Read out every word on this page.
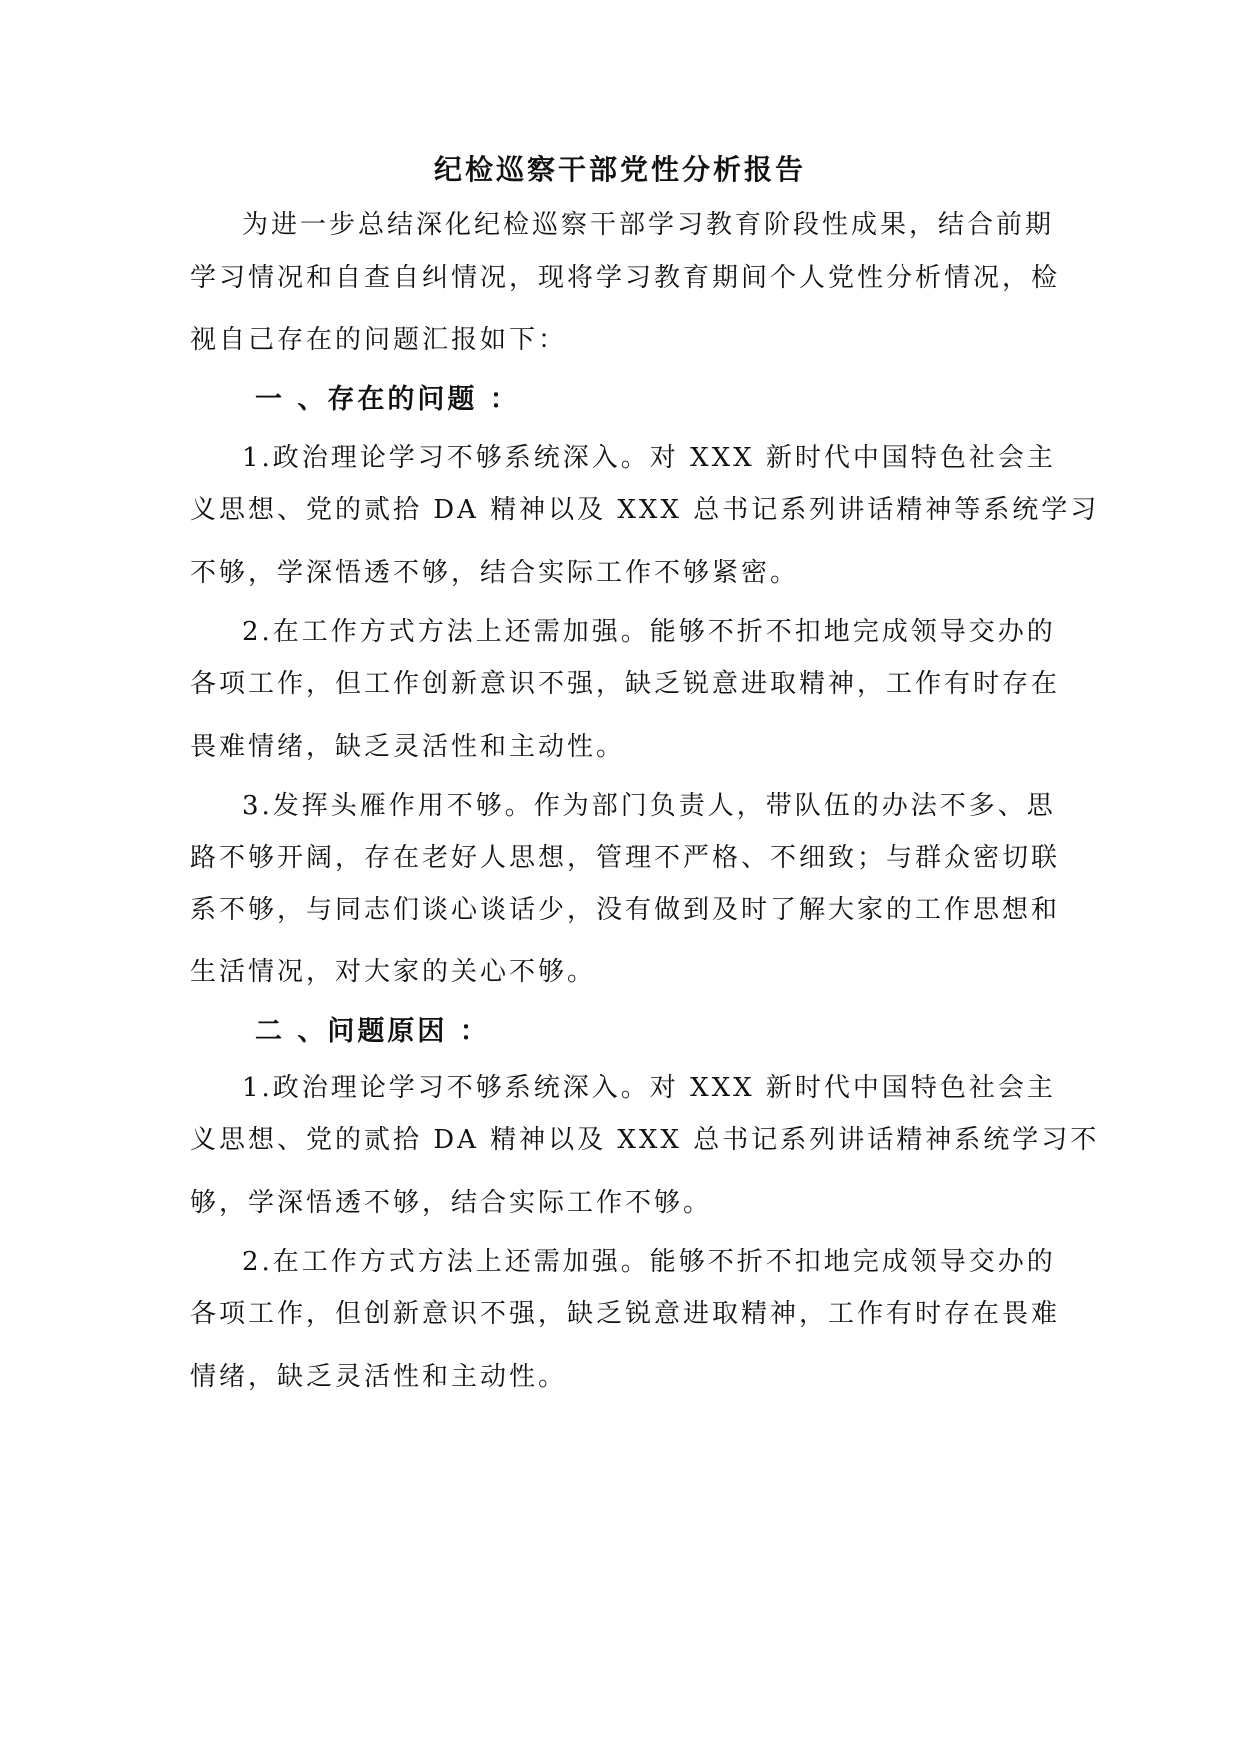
纪检巡察干部党性分析报告
为进一步总结深化纪检巡察干部学习教育阶段性成果，结合前期
学习情况和自查自纠情况，现将学习教育期间个人党性分析情况，检
视自己存在的问题汇报如下：
一 、存在的问题 ：
1.政治理论学习不够系统深入。对 XXX 新时代中国特色社会主
义思想、党的贰拾 DA 精神以及 XXX 总书记系列讲话精神等系统学习
不够，学深悟透不够，结合实际工作不够紧密。
2.在工作方式方法上还需加强。能够不折不扣地完成领导交办的
各项工作，但工作创新意识不强，缺乏锐意进取精神，工作有时存在
畏难情绪，缺乏灵活性和主动性。
3.发挥头雁作用不够。作为部门负责人，带队伍的办法不多、思
路不够开阔，存在老好人思想，管理不严格、不细致；与群众密切联
系不够，与同志们谈心谈话少，没有做到及时了解大家的工作思想和
生活情况，对大家的关心不够。
二 、问题原因 ：
1.政治理论学习不够系统深入。对 XXX 新时代中国特色社会主
义思想、党的贰拾 DA 精神以及 XXX 总书记系列讲话精神系统学习不
够，学深悟透不够，结合实际工作不够。
2.在工作方式方法上还需加强。能够不折不扣地完成领导交办的
各项工作，但创新意识不强，缺乏锐意进取精神，工作有时存在畏难
情绪，缺乏灵活性和主动性。
